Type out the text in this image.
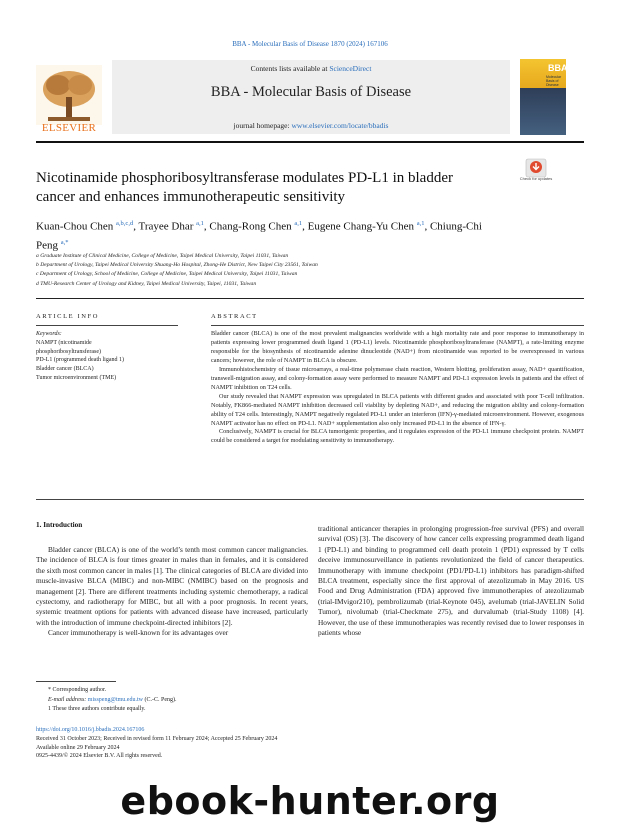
BBA - Molecular Basis of Disease 1870 (2024) 167106
ELSEVIER
Contents lists available at ScienceDirect
BBA - Molecular Basis of Disease
journal homepage: www.elsevier.com/locate/bbadis
BBA
Molecular Basis of Disease
Nicotinamide phosphoribosyltransferase modulates PD-L1 in bladder cancer and enhances immunotherapeutic sensitivity
Check for updates
Kuan-Chou Chen $^{a,b,c,d}$, Trayee Dhar $^{a,1}$, Chang-Rong Chen $^{a,1}$, Eugene Chang-Yu Chen $^{a,1}$, Chiung-Chi Peng $^{a,*}$
a Graduate Institute of Clinical Medicine, College of Medicine, Taipei Medical University, Taipei 11031, Taiwan
b Department of Urology, Taipei Medical University Shuang-Ho Hospital, Zhong-He District, New Taipei City 23561, Taiwan
c Department of Urology, School of Medicine, College of Medicine, Taipei Medical University, Taipei 11031, Taiwan
d TMU-Research Center of Urology and Kidney, Taipei Medical University, Taipei, 11031, Taiwan
ARTICLE INFO	ABSTRACT
Keywords:
NAMPT (nicotinamide
phosphoribosyltransferase)
PD-L1 (programmed death ligand 1)
Bladder cancer (BLCA)
Tumor microenvironment (TME)

Bladder cancer (BLCA) is one of the most prevalent malignancies worldwide with a high mortality rate and poor response to immunotherapy in patients expressing lower programmed death ligand 1 (PD-L1) levels. Nicotinamide phosphoribosyltransferase (NAMPT), a rate-limiting enzyme responsible for the biosynthesis of nicotinamide adenine dinucleotide (NAD+) from nicotinamide was reported to be overexpressed in various cancers; however, the role of NAMPT in BLCA is obscure.

Immunohistochemistry of tissue microarrays, a real-time polymerase chain reaction, Western blotting, proliferation assay, NAD+ quantification, transwell-migration assay, and colony-formation assay were performed to measure NAMPT and PD-L1 expression levels in patients and the effect of NAMPT inhibition on T24 cells.

Our study revealed that NAMPT expression was upregulated in BLCA patients with different grades and associated with poor T-cell infiltration. Notably, FK866-mediated NAMPT inhibition decreased cell viability by depleting NAD+, and reducing the migration ability and colony-formation ability of T24 cells. Interestingly, NAMPT negatively regulated PD-L1 under an interferon (IFN)-γ-mediated microenvironment. However, exogenous NAMPT activator has no effect on PD-L1. NAD+ supplementation also only increased PD-L1 in the absence of IFN-γ.

Conclusively, NAMPT is crucial for BLCA tumorigenic properties, and it regulates expression of the PD-L1 immune checkpoint protein. NAMPT could be considered a target for modulating sensitivity to immunotherapy.

1. Introduction

Bladder cancer (BLCA) is one of the world’s tenth most common cancer malignancies. The incidence of BLCA is four times greater in males than in females, and it is considered the sixth most common cancer in males [1]. The clinical categories of BLCA are divided into muscle-invasive BLCA (MIBC) and non-MIBC (NMIBC) based on the prognosis and management [2]. There are different treatments including systemic chemotherapy, a radical cystectomy, and radiotherapy for MIBC, but all with a poor prognosis. In recent years, systemic treatment options for patients with advanced disease have increased, particularly with the introduction of immune checkpoint-directed inhibitors [2].

Cancer immunotherapy is well-known for its advantages over

traditional anticancer therapies in prolonging progression-free survival (PFS) and overall survival (OS) [3]. The discovery of how cancer cells expressing programmed death ligand 1 (PD-L1) and binding to programmed cell death protein 1 (PD1) expressed by T cells deceive immunosurveillance in patients revolutionized the field of cancer therapeutics. Immunotherapy with immune checkpoint (PD1/PD-L1) inhibitors has paradigm-shifted BLCA treatment, especially since the first approval of atezolizumab in May 2016. US Food and Drug Administration (FDA) approved five immunotherapies of atezolizumab (trial-IMvigor210), pembrolizumab (trial-Keynote 045), avelumab (trial-JAVELIN Solid Tumor), nivolumab (trial-Checkmate 275), and durvalumab (trial-Study 1108) [4]. However, the use of these immunotherapies was recently revised due to lower responses in patients whose

* Corresponding author.
E-mail address: misspeng@tmu.edu.tw (C.-C. Peng).
1 These three authors contribute equally.
https://doi.org/10.1016/j.bbadis.2024.167106
Received 31 October 2023; Received in revised form 11 February 2024; Accepted 25 February 2024
Available online 29 February 2024
0925-4439/© 2024 Elsevier B.V. All rights reserved.
ebook-hunter.org
